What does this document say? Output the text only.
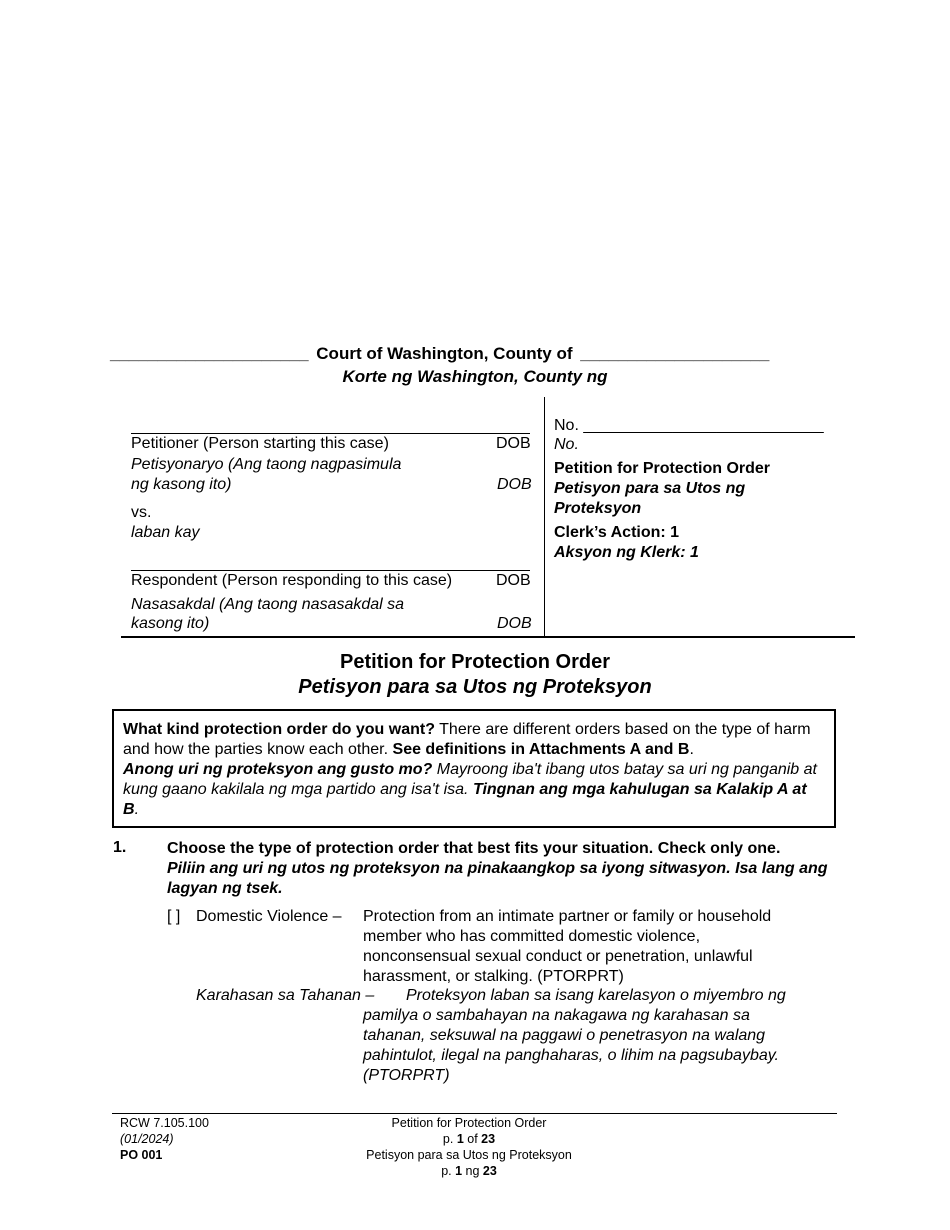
_____________________ Court of Washington, County of ____________________
Korte ng Washington, County ng
Petitioner (Person starting this case)	DOB
Petisyonaryo (Ang taong nagpasimula
ng kasong ito)	DOB
vs.
laban kay
Respondent (Person responding to this case)	DOB
Nasasakdal (Ang taong nasasakdal sa
kasong ito)	DOB
No. ___________________________
No.
Petition for Protection Order
Petisyon para sa Utos ng
Proteksyon
Clerk’s Action: 1
Aksyon ng Klerk: 1
Petition for Protection Order
Petisyon para sa Utos ng Proteksyon
What kind protection order do you want? There are different orders based on the type of harm and how the parties know each other. See definitions in Attachments A and B.
Anong uri ng proteksyon ang gusto mo? Mayroong iba't ibang utos batay sa uri ng panganib at kung gaano kakilala ng mga partido ang isa't isa. Tingnan ang mga kahulugan sa Kalakip A at B.
1.	Choose the type of protection order that best fits your situation. Check only one.
Piliin ang uri ng utos ng proteksyon na pinakaangkop sa iyong sitwasyon. Isa lang ang lagyan ng tsek.
[ ] Domestic Violence – Protection from an intimate partner or family or household
member who has committed domestic violence,
nonconsensual sexual conduct or penetration, unlawful
harassment, or stalking. (PTORPRT)
Karahasan sa Tahanan –	Proteksyon laban sa isang karelasyon o miyembro ng
pamilya o sambahayan na nakagawa ng karahasan sa
tahanan, seksuwal na paggawi o penetrasyon na walang
pahintulot, ilegal na panghaharas, o lihim na pagsubaybay.
(PTORPRT)
RCW 7.105.100
(01/2024)
PO 001
Petition for Protection Order
p. 1 of 23
Petisyon para sa Utos ng Proteksyon
p. 1 ng 23
